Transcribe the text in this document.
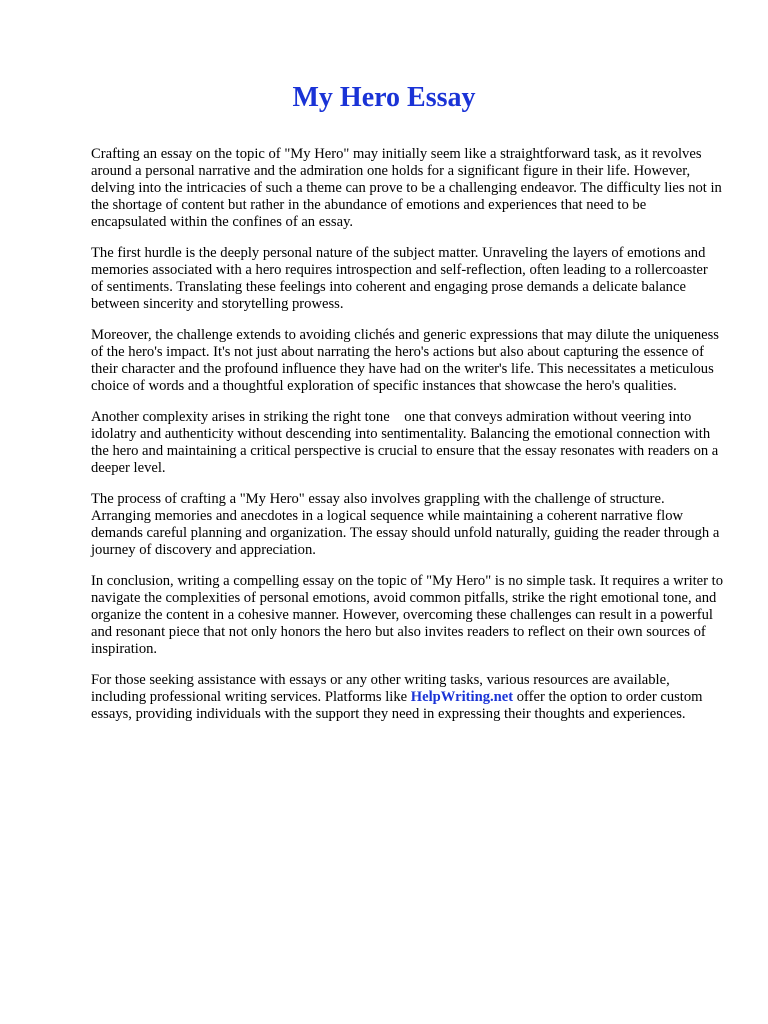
My Hero Essay

Crafting an essay on the topic of "My Hero" may initially seem like a straightforward task, as it revolves around a personal narrative and the admiration one holds for a significant figure in their life. However, delving into the intricacies of such a theme can prove to be a challenging endeavor. The difficulty lies not in the shortage of content but rather in the abundance of emotions and experiences that need to be encapsulated within the confines of an essay.

The first hurdle is the deeply personal nature of the subject matter. Unraveling the layers of emotions and memories associated with a hero requires introspection and self-reflection, often leading to a rollercoaster of sentiments. Translating these feelings into coherent and engaging prose demands a delicate balance between sincerity and storytelling prowess.

Moreover, the challenge extends to avoiding clichés and generic expressions that may dilute the uniqueness of the hero's impact. It's not just about narrating the hero's actions but also about capturing the essence of their character and the profound influence they have had on the writer's life. This necessitates a meticulous choice of words and a thoughtful exploration of specific instances that showcase the hero's qualities.

Another complexity arises in striking the right tone    one that conveys admiration without veering into idolatry and authenticity without descending into sentimentality. Balancing the emotional connection with the hero and maintaining a critical perspective is crucial to ensure that the essay resonates with readers on a deeper level.

The process of crafting a "My Hero" essay also involves grappling with the challenge of structure. Arranging memories and anecdotes in a logical sequence while maintaining a coherent narrative flow demands careful planning and organization. The essay should unfold naturally, guiding the reader through a journey of discovery and appreciation.

In conclusion, writing a compelling essay on the topic of "My Hero" is no simple task. It requires a writer to navigate the complexities of personal emotions, avoid common pitfalls, strike the right emotional tone, and organize the content in a cohesive manner. However, overcoming these challenges can result in a powerful and resonant piece that not only honors the hero but also invites readers to reflect on their own sources of inspiration.

For those seeking assistance with essays or any other writing tasks, various resources are available, including professional writing services. Platforms like HelpWriting.net offer the option to order custom essays, providing individuals with the support they need in expressing their thoughts and experiences.
